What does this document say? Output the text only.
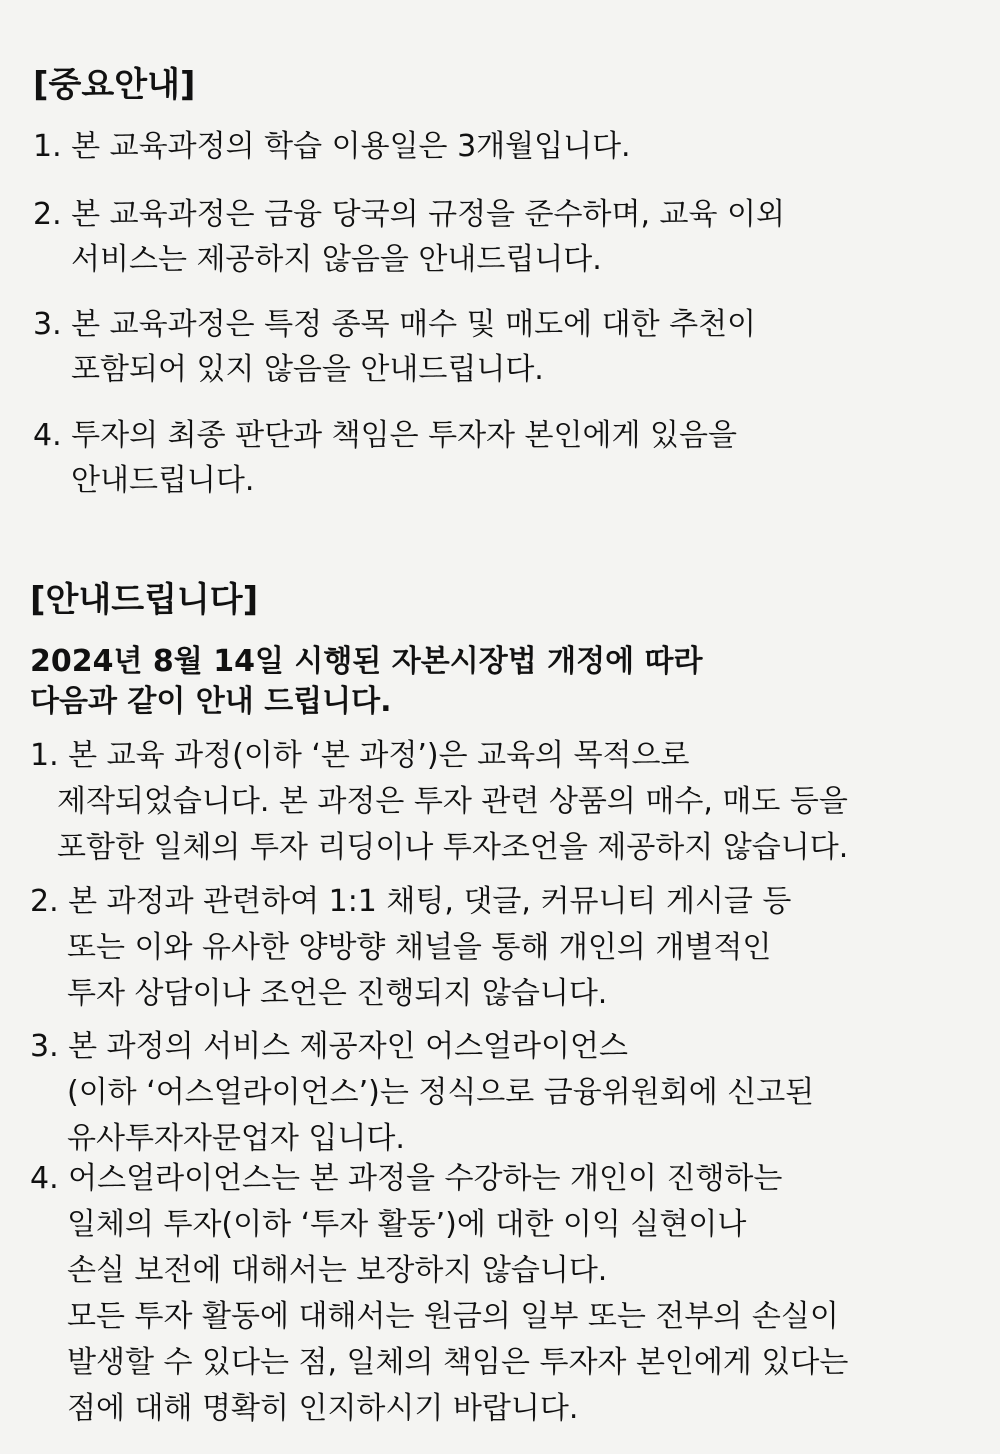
[중요안내]
1. 본 교육과정의 학습 이용일은 3개월입니다.
2. 본 교육과정은 금융 당국의 규정을 준수하며, 교육 이외
서비스는 제공하지 않음을 안내드립니다.
3. 본 교육과정은 특정 종목 매수 및 매도에 대한 추천이
포함되어 있지 않음을 안내드립니다.
4. 투자의 최종 판단과 책임은 투자자 본인에게 있음을
안내드립니다.
[안내드립니다]
2024년 8월 14일 시행된 자본시장법 개정에 따라
다음과 같이 안내 드립니다.
1. 본 교육 과정(이하 ‘본 과정’)은 교육의 목적으로
제작되었습니다. 본 과정은 투자 관련 상품의 매수, 매도 등을
포함한 일체의 투자 리딩이나 투자조언을 제공하지 않습니다.
2. 본 과정과 관련하여 1:1 채팅, 댓글, 커뮤니티 게시글 등
또는 이와 유사한 양방향 채널을 통해 개인의 개별적인
투자 상담이나 조언은 진행되지 않습니다.
3. 본 과정의 서비스 제공자인 어스얼라이언스
(이하 ‘어스얼라이언스’)는 정식으로 금융위원회에 신고된
유사투자자문업자 입니다.
4. 어스얼라이언스는 본 과정을 수강하는 개인이 진행하는
일체의 투자(이하 ‘투자 활동’)에 대한 이익 실현이나
손실 보전에 대해서는 보장하지 않습니다.
모든 투자 활동에 대해서는 원금의 일부 또는 전부의 손실이
발생할 수 있다는 점, 일체의 책임은 투자자 본인에게 있다는
점에 대해 명확히 인지하시기 바랍니다.
